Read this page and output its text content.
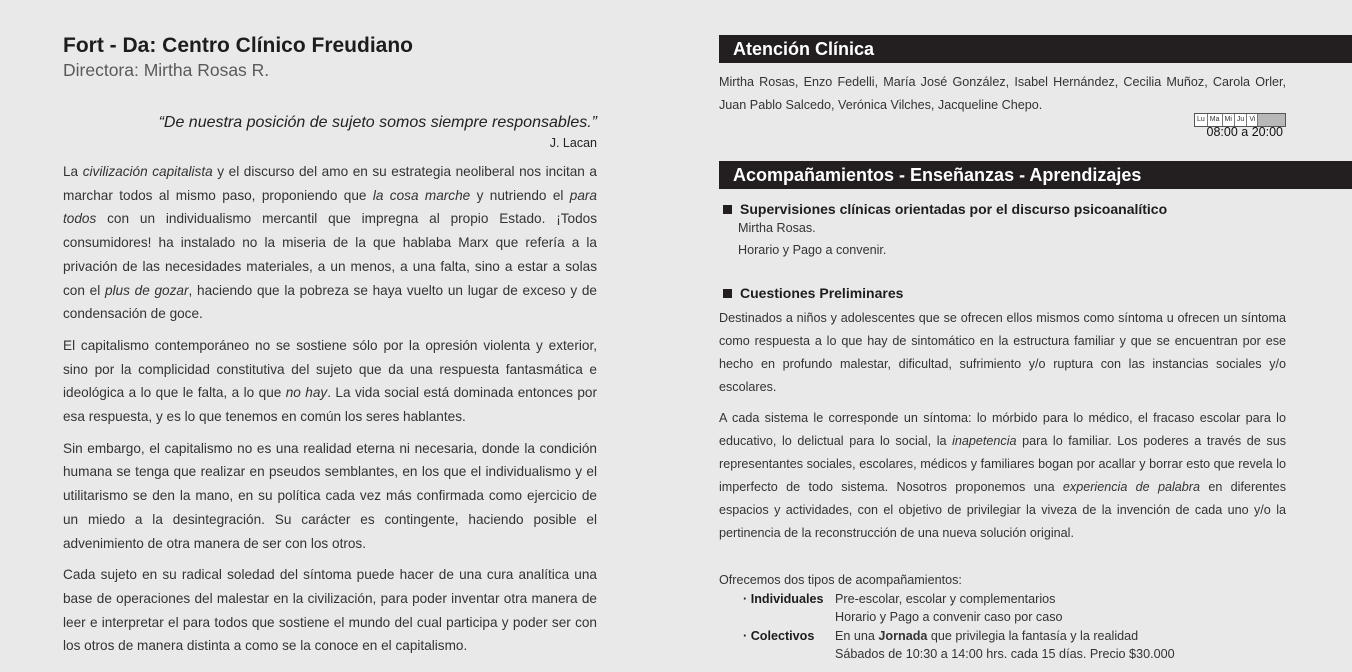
Fort - Da: Centro Clínico Freudiano
Directora: Mirtha Rosas R.
“De nuestra posición de sujeto somos siempre responsables.”
J. Lacan

La civilización capitalista y el discurso del amo en su estrategia neoliberal nos incitan a marchar todos al mismo paso, proponiendo que la cosa marche y nutriendo el para todos con un individualismo mercantil que impregna al propio Estado. ¡Todos consumidores! ha instalado no la miseria de la que hablaba Marx que refería a la privación de las necesidades materiales, a un menos, a una falta, sino a estar a solas con el plus de gozar, haciendo que la pobreza se haya vuelto un lugar de exceso y de condensación de goce.

El capitalismo contemporáneo no se sostiene sólo por la opresión violenta y exterior, sino por la complicidad constitutiva del sujeto que da una respuesta fantasmática e ideológica a lo que le falta, a lo que no hay. La vida social está dominada entonces por esa respuesta, y es lo que tenemos en común los seres hablantes.

Sin embargo, el capitalismo no es una realidad eterna ni necesaria, donde la condición humana se tenga que realizar en pseudos semblantes, en los que el individualismo y el utilitarismo se den la mano, en su política cada vez más confirmada como ejercicio de un miedo a la desintegración. Su carácter es contingente, haciendo posible el advenimiento de otra manera de ser con los otros.

Cada sujeto en su radical soledad del síntoma puede hacer de una cura analítica una base de operaciones del malestar en la civilización, para poder inventar otra manera de leer e interpretar el para todos que sostiene el mundo del cual participa y poder ser con los otros de manera distinta a como se la conoce en el capitalismo.

Atención Clínica
Mirtha Rosas, Enzo Fedelli, María José González, Isabel Hernández, Cecilia Muñoz, Carola Orler, Juan Pablo Salcedo, Verónica Vilches, Jacqueline Chepo.
Lu Ma Mi Ju Vi
08:00 a 20:00
Acompañamientos - Enseñanzas - Aprendizajes
Supervisiones clínicas orientadas por el discurso psicoanalítico
Mirtha Rosas.
Horario y Pago a convenir.
Cuestiones Preliminares

Destinados a niños y adolescentes que se ofrecen ellos mismos como síntoma u ofrecen un síntoma como respuesta a lo que hay de sintomático en la estructura familiar y que se encuentran por ese hecho en profundo malestar, dificultad, sufrimiento y/o ruptura con las instancias sociales y/o escolares.

A cada sistema le corresponde un síntoma: lo mórbido para lo médico, el fracaso escolar para lo educativo, lo delictual para lo social, la inapetencia para lo familiar. Los poderes a través de sus representantes sociales, escolares, médicos y familiares bogan por acallar y borrar esto que revela lo imperfecto de todo sistema. Nosotros proponemos una experiencia de palabra en diferentes espacios y actividades, con el objetivo de privilegiar la viveza de la invención de cada uno y/o la pertinencia de la reconstrucción de una nueva solución original.

Ofrecemos dos tipos de acompañamientos:
· Individuales Pre-escolar, escolar y complementarios
Horario y Pago a convenir caso por caso
· Colectivos	En una Jornada que privilegia la fantasía y la realidad
Sábados de 10:30 a 14:00 hrs. cada 15 días. Precio $30.000
